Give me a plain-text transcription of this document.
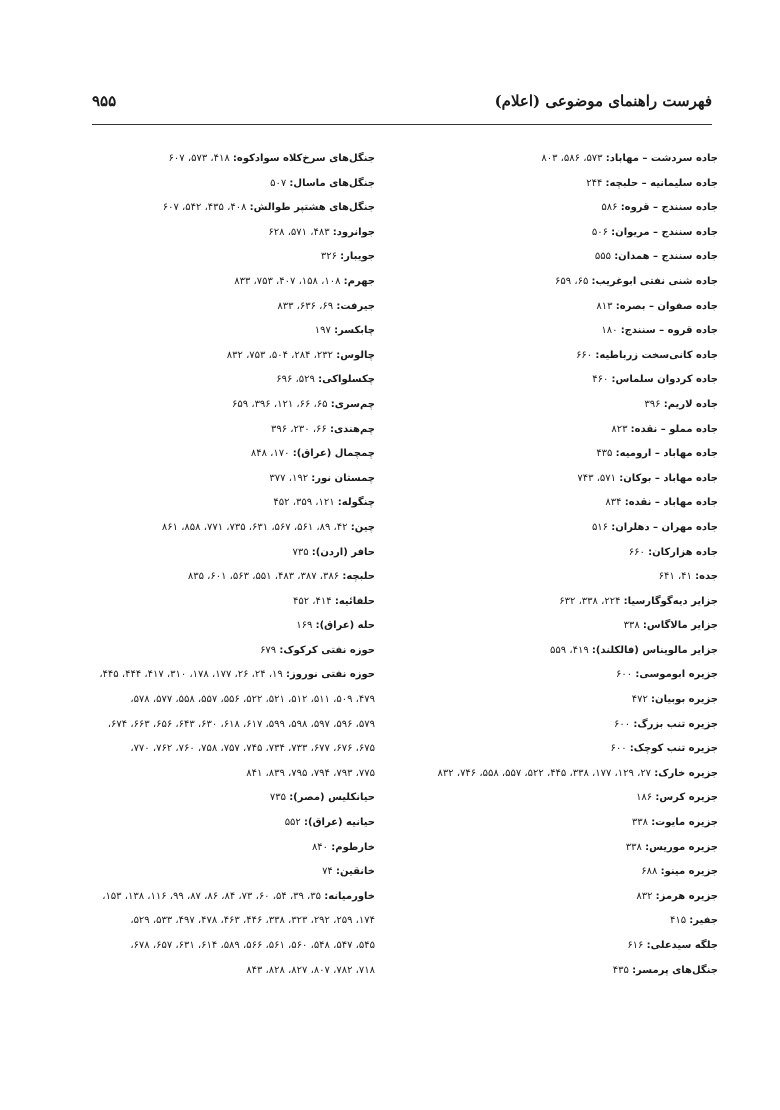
فهرست راهنمای موضوعی (اعلام)
۹۵۵
جاده سردشت – مهاباد: ۵۷۳، ۵۸۶، ۸۰۳
جاده سلیمانیه – حلبچه: ۲۴۴
جاده سنندج – قروه: ۵۸۶
جاده سنندج – مریوان: ۵۰۶
جاده سنندج – همدان: ۵۵۵
جاده شنی نفتی ابوغریب: ۶۵، ۶۵۹
جاده صفوان – بصره: ۸۱۳
جاده قروه – سنندج: ۱۸۰
جاده کانی‌سخت زرباطیه: ۶۶۰
جاده کردوان سلماس: ۴۶۰
جاده لاریم: ۳۹۶
جاده مملو – نقده: ۸۲۳
جاده مهاباد – ارومیه: ۴۳۵
جاده مهاباد – بوکان: ۵۷۱، ۷۴۳
جاده مهاباد – نقده: ۸۳۴
جاده مهران – دهلران: ۵۱۶
جاده هزارکان: ۶۶۰
جده: ۴۱، ۶۴۱
جزایر دیه‌گوگارسیا: ۲۲۴، ۳۳۸، ۶۳۲
جزایر مالاگاس: ۳۳۸
جزایر مالویناس (فالکلند): ۴۱۹، ۵۵۹
جزیره ابوموسی: ۶۰۰
جزیره بوبیان: ۴۷۲
جزیره تنب بزرگ: ۶۰۰
جزیره تنب کوچک: ۶۰۰
جزیره خارک: ۲۷، ۱۲۹، ۱۷۷، ۳۳۸، ۴۴۵، ۵۲۲، ۵۵۷، ۵۵۸، ۷۴۶، ۸۳۲
جزیره کرس: ۱۸۶
جزیره مایوت: ۳۳۸
جزیره موریس: ۳۳۸
جزیره مینو: ۶۸۸
جزیره هرمز: ۸۳۲
جفیر: ۴۱۵
جلگه سیدعلی: ۶۱۶
جنگل‌های پرمسر: ۴۳۵
جنگل‌های سرخ‌کلاه سوادکوه: ۴۱۸، ۵۷۳، ۶۰۷
جنگل‌های ماسال: ۵۰۷
جنگل‌های هشتپر طوالش: ۴۰۸، ۴۳۵، ۵۴۲، ۶۰۷
جوانرود: ۴۸۳، ۵۷۱، ۶۲۸
جویبار: ۳۲۶
جهرم: ۱۰۸، ۱۵۸، ۴۰۷، ۷۵۳، ۸۳۳
جیرفت: ۶۹، ۶۳۶، ۸۳۳
چابکسر: ۱۹۷
چالوس: ۲۳۲، ۲۸۴، ۵۰۴، ۷۵۳، ۸۳۲
چکسلواکی: ۵۲۹، ۶۹۶
چم‌سری: ۶۵، ۶۶، ۱۲۱، ۳۹۶، ۶۵۹
چم‌هندی: ۶۶، ۲۳۰، ۳۹۶
چمچمال (عراق): ۱۷۰، ۸۴۸
چمستان نور: ۱۹۲، ۳۷۷
چنگوله: ۱۲۱، ۳۵۹، ۴۵۲
چین: ۴۲، ۸۹، ۵۶۱، ۵۶۷، ۶۳۱، ۷۳۵، ۷۷۱، ۸۵۸، ۸۶۱
حافر (اردن): ۷۳۵
حلبچه: ۳۸۶، ۳۸۷، ۴۸۳، ۵۵۱، ۵۶۳، ۶۰۱، ۸۳۵
حلفائیه: ۴۱۴، ۴۵۲
حله (عراق): ۱۶۹
حوزه نفتی کرکوک: ۶۷۹
حوزه نفتی نوروز: ۱۹، ۲۴، ۲۶، ۱۷۷، ۱۷۸، ۳۱۰، ۴۱۷، ۴۴۴، ۴۴۵،
۴۷۹، ۵۰۹، ۵۱۱، ۵۱۲، ۵۲۱، ۵۲۲، ۵۵۶، ۵۵۷، ۵۵۸، ۵۷۷، ۵۷۸،
۵۷۹، ۵۹۶، ۵۹۷، ۵۹۸، ۵۹۹، ۶۱۷، ۶۱۸، ۶۳۰، ۶۴۳، ۶۵۶، ۶۶۳، ۶۷۴،
۶۷۵، ۶۷۶، ۶۷۷، ۷۳۳، ۷۳۴، ۷۴۵، ۷۵۷، ۷۵۸، ۷۶۰، ۷۶۲، ۷۷۰،
۷۷۵، ۷۹۳، ۷۹۴، ۷۹۵، ۸۳۹، ۸۴۱
حیانکلیس (مصر): ۷۳۵
حیانیه (عراق): ۵۵۲
خارطوم: ۸۴۰
خانقین: ۷۴
خاورمیانه: ۳۵، ۳۹، ۵۴، ۶۰، ۷۳، ۸۴، ۸۶، ۸۷، ۹۹، ۱۱۶، ۱۳۸، ۱۵۳،
۱۷۴، ۲۵۹، ۲۹۲، ۳۲۳، ۳۳۸، ۴۴۶، ۴۶۳، ۴۷۸، ۴۹۷، ۵۳۳، ۵۲۹،
۵۴۵، ۵۴۷، ۵۴۸، ۵۶۰، ۵۶۱، ۵۶۶، ۵۸۹، ۶۱۴، ۶۳۱، ۶۵۷، ۶۷۸،
۷۱۸، ۷۸۲، ۸۰۷، ۸۲۷، ۸۲۸، ۸۴۳
